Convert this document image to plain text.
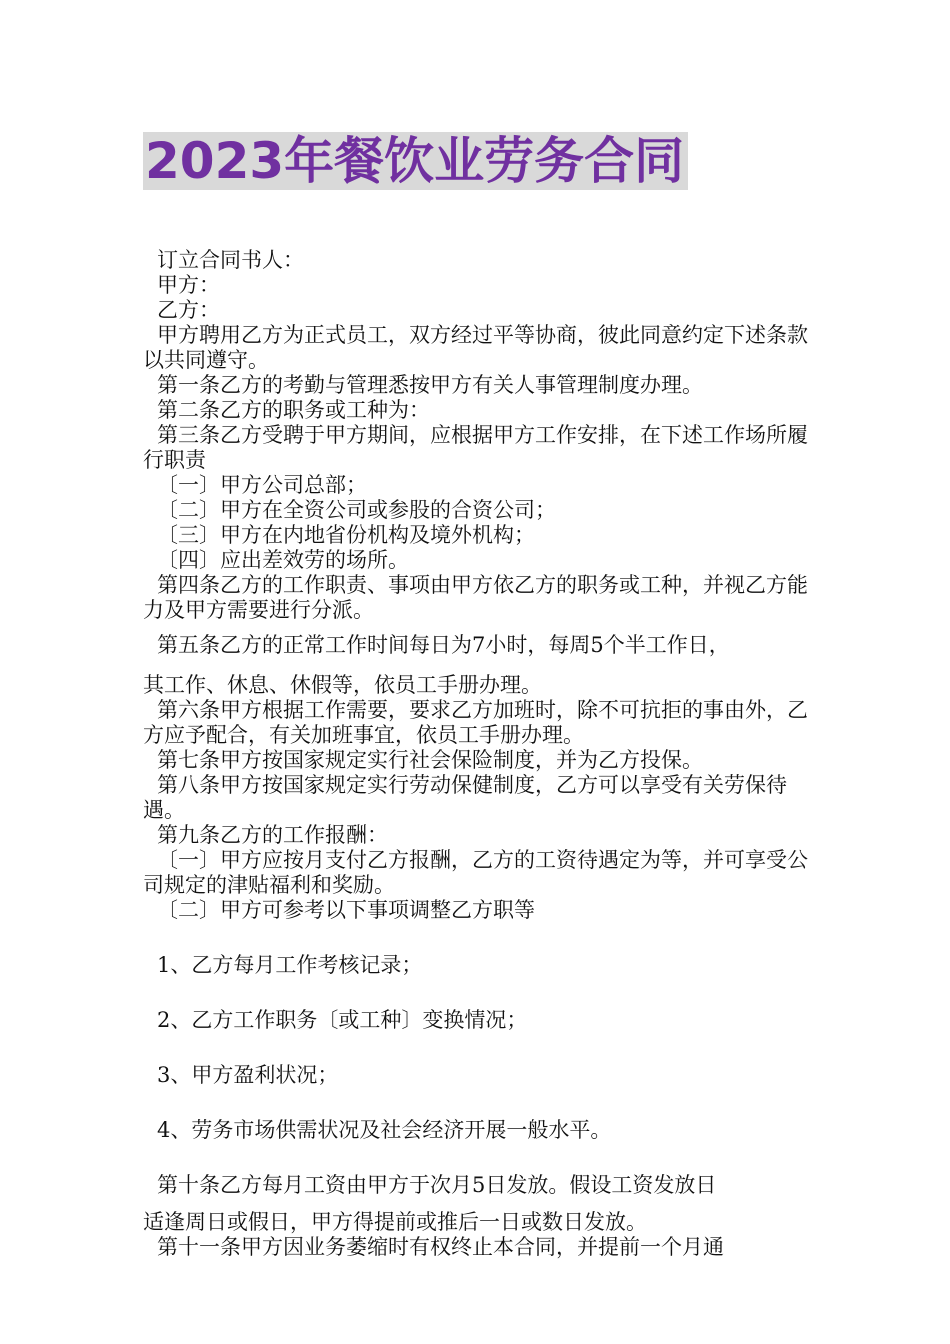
2023年餐饮业劳务合同

订立合同书人：

甲方：

乙方：

甲方聘用乙方为正式员工，双方经过平等协商，彼此同意约定下述条款以共同遵守。

第一条乙方的考勤与管理悉按甲方有关人事管理制度办理。

第二条乙方的职务或工种为：

第三条乙方受聘于甲方期间，应根据甲方工作安排，在下述工作场所履行职责

〔一〕甲方公司总部；

〔二〕甲方在全资公司或参股的合资公司；

〔三〕甲方在内地省份机构及境外机构；

〔四〕应出差效劳的场所。

第四条乙方的工作职责、事项由甲方依乙方的职务或工种，并视乙方能力及甲方需要进行分派。

第五条乙方的正常工作时间每日为7小时，每周5个半工作日，

其工作、休息、休假等，依员工手册办理。

第六条甲方根据工作需要，要求乙方加班时，除不可抗拒的事由外，乙方应予配合，有关加班事宜，依员工手册办理。

第七条甲方按国家规定实行社会保险制度，并为乙方投保。

第八条甲方按国家规定实行劳动保健制度，乙方可以享受有关劳保待遇。

第九条乙方的工作报酬：

〔一〕甲方应按月支付乙方报酬，乙方的工资待遇定为等，并可享受公司规定的津贴福利和奖励。

〔二〕甲方可参考以下事项调整乙方职等

1、乙方每月工作考核记录；

2、乙方工作职务〔或工种〕变换情况；

3、甲方盈利状况；

4、劳务市场供需状况及社会经济开展一般水平。

第十条乙方每月工资由甲方于次月5日发放。假设工资发放日

适逢周日或假日，甲方得提前或推后一日或数日发放。

第十一条甲方因业务萎缩时有权终止本合同，并提前一个月通
